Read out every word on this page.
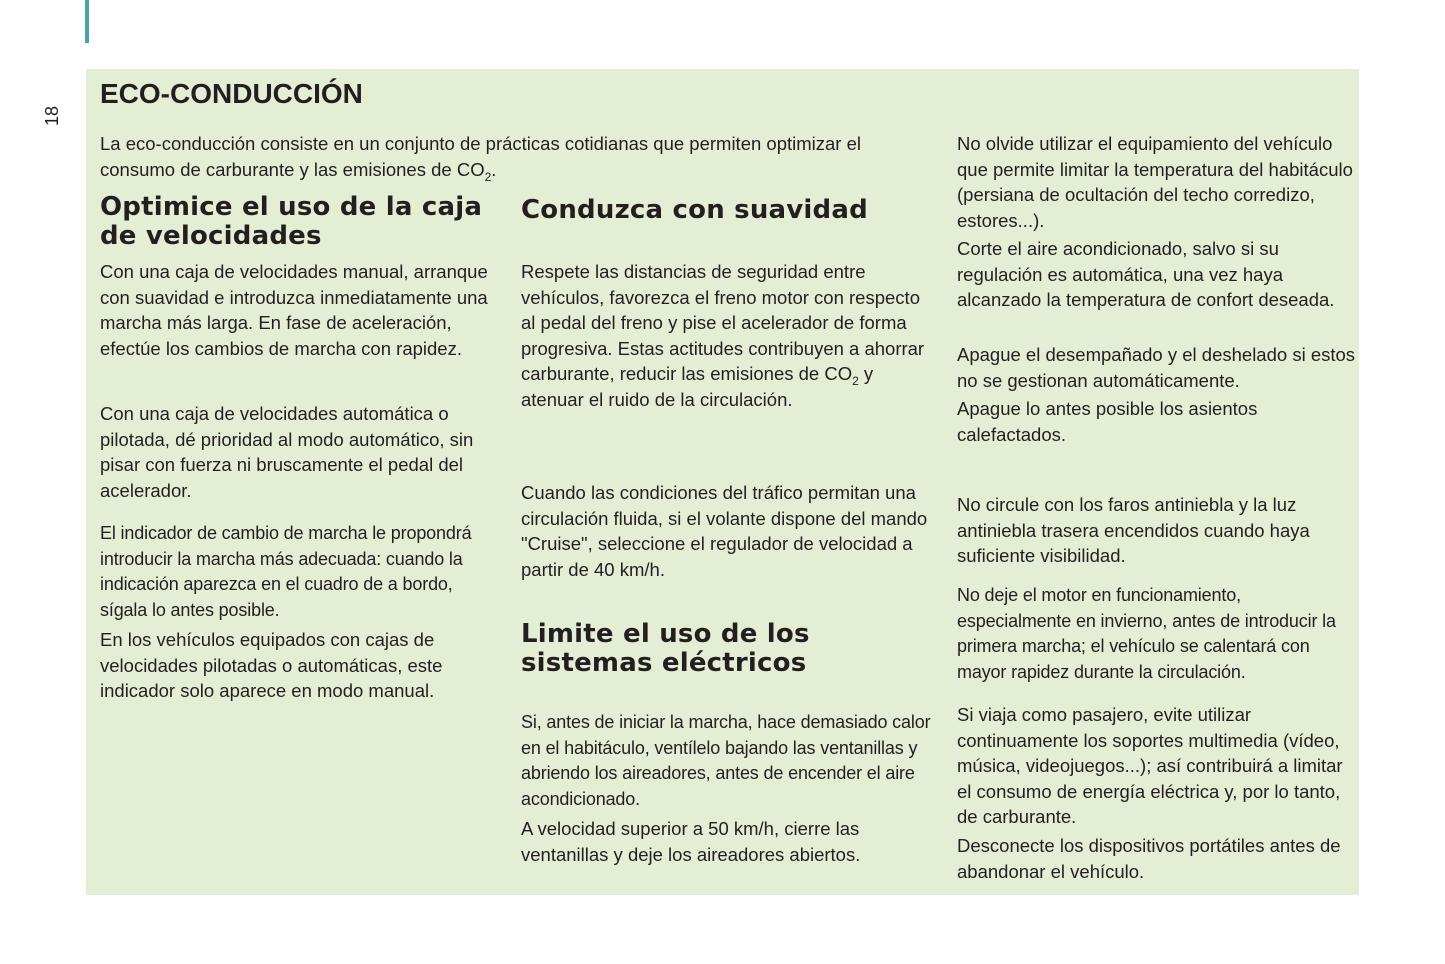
18
ECO-CONDUCCIÓN

La eco-conducción consiste en un conjunto de prácticas cotidianas que permiten optimizar el consumo de carburante y las emisiones de $CO_2$.

Optimice el uso de la caja de velocidades

Con una caja de velocidades manual, arranque con suavidad e introduzca inmediatamente una marcha más larga. En fase de aceleración, efectúe los cambios de marcha con rapidez.

Con una caja de velocidades automática o pilotada, dé prioridad al modo automático, sin pisar con fuerza ni bruscamente el pedal del acelerador.

El indicador de cambio de marcha le propondrá introducir la marcha más adecuada: cuando la indicación aparezca en el cuadro de a bordo, sígala lo antes posible.

En los vehículos equipados con cajas de velocidades pilotadas o automáticas, este indicador solo aparece en modo manual.

Conduzca con suavidad

Respete las distancias de seguridad entre vehículos, favorezca el freno motor con respecto al pedal del freno y pise el acelerador de forma progresiva. Estas actitudes contribuyen a ahorrar carburante, reducir las emisiones de $CO_2$ y atenuar el ruido de la circulación.

Cuando las condiciones del tráfico permitan una circulación fluida, si el volante dispone del mando "Cruise", seleccione el regulador de velocidad a partir de 40 km/h.

Limite el uso de los sistemas eléctricos

Si, antes de iniciar la marcha, hace demasiado calor en el habitáculo, ventílelo bajando las ventanillas y abriendo los aireadores, antes de encender el aire acondicionado.

A velocidad superior a 50 km/h, cierre las ventanillas y deje los aireadores abiertos.

No olvide utilizar el equipamiento del vehículo que permite limitar la temperatura del habitáculo (persiana de ocultación del techo corredizo, estores...).

Corte el aire acondicionado, salvo si su regulación es automática, una vez haya alcanzado la temperatura de confort deseada.

Apague el desempañado y el deshelado si estos no se gestionan automáticamente.

Apague lo antes posible los asientos calefactados.

No circule con los faros antiniebla y la luz antiniebla trasera encendidos cuando haya suficiente visibilidad.

No deje el motor en funcionamiento, especialmente en invierno, antes de introducir la primera marcha; el vehículo se calentará con mayor rapidez durante la circulación.

Si viaja como pasajero, evite utilizar continuamente los soportes multimedia (vídeo, música, videojuegos...); así contribuirá a limitar el consumo de energía eléctrica y, por lo tanto, de carburante.

Desconecte los dispositivos portátiles antes de abandonar el vehículo.
